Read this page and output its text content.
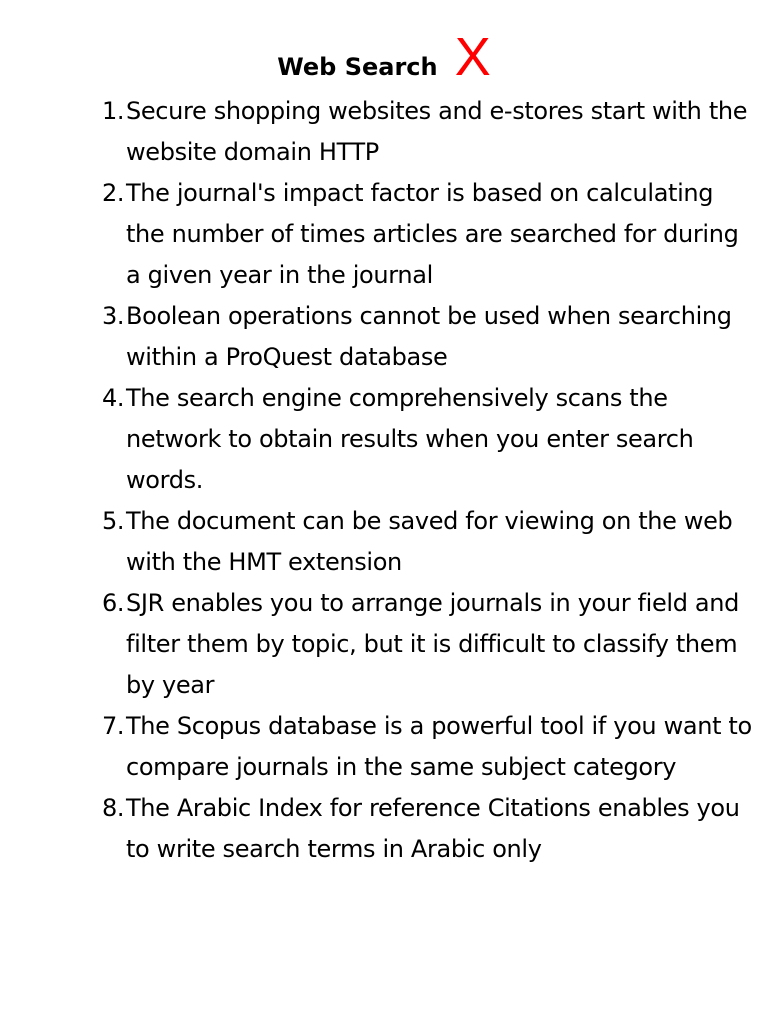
Web Search X
1. Secure shopping websites and e-stores start with the website domain HTTP
2. The journal's impact factor is based on calculating the number of times articles are searched for during a given year in the journal
3. Boolean operations cannot be used when searching within a ProQuest database
4. The search engine comprehensively scans the network to obtain results when you enter search words.
5. The document can be saved for viewing on the web with the HMT extension
6. SJR enables you to arrange journals in your field and filter them by topic, but it is difficult to classify them by year
7. The Scopus database is a powerful tool if you want to compare journals in the same subject category
8. The Arabic Index for reference Citations enables you to write search terms in Arabic only
